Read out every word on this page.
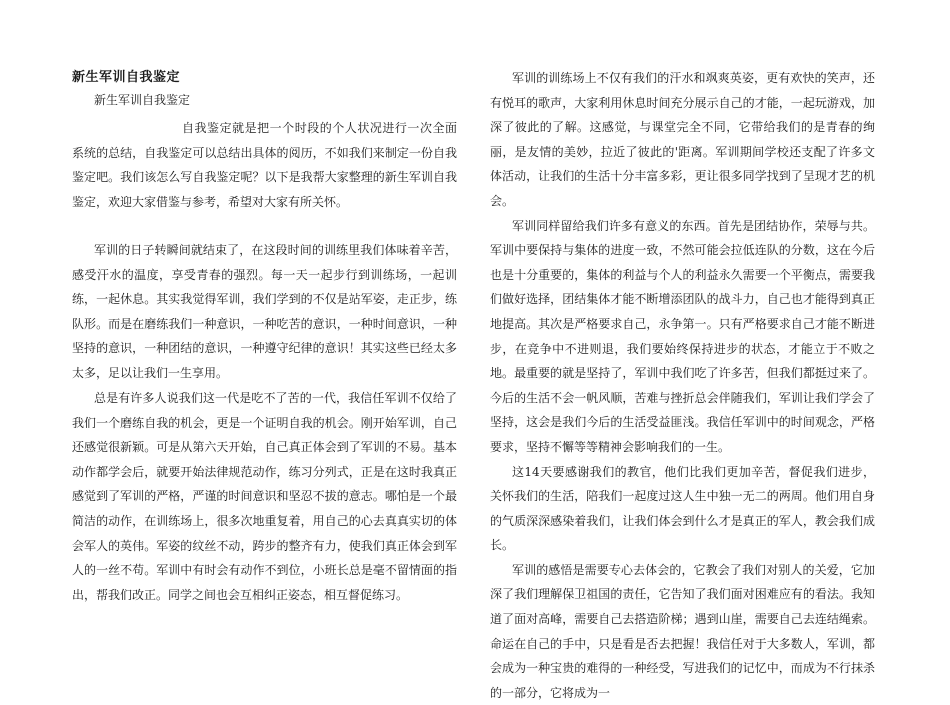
新生军训自我鉴定
新生军训自我鉴定

自我鉴定就是把一个时段的个人状况进行一次全面系统的总结，自我鉴定可以总结出具体的阅历，不如我们来制定一份自我鉴定吧。我们该怎么写自我鉴定呢？以下是我帮大家整理的新生军训自我鉴定，欢迎大家借鉴与参考，希望对大家有所关怀。

军训的日子转瞬间就结束了，在这段时间的训练里我们体味着辛苦，感受汗水的温度，享受青春的强烈。每一天一起步行到训练场，一起训练，一起休息。其实我觉得军训，我们学到的不仅是站军姿，走正步，练队形。而是在磨练我们一种意识，一种吃苦的意识，一种时间意识，一种坚持的意识，一种团结的意识，一种遵守纪律的意识！其实这些已经太多太多，足以让我们一生享用。

总是有许多人说我们这一代是吃不了苦的一代，我信任军训不仅给了我们一个磨练自我的机会，更是一个证明自我的机会。刚开始军训，自己还感觉很新颖。可是从第六天开始，自己真正体会到了军训的不易。基本动作都学会后，就要开始法律规范动作，练习分列式，正是在这时我真正感觉到了军训的严格，严谨的时间意识和坚忍不拔的意志。哪怕是一个最简洁的动作，在训练场上，很多次地重复着，用自己的心去真真实切的体会军人的英伟。军姿的纹丝不动，跨步的整齐有力，使我们真正体会到军人的一丝不苟。军训中有时会有动作不到位，小班长总是毫不留情面的指出，帮我们改正。同学之间也会互相纠正姿态，相互督促练习。

军训的训练场上不仅有我们的汗水和飒爽英姿，更有欢快的笑声，还有悦耳的歌声，大家利用休息时间充分展示自己的才能，一起玩游戏，加深了彼此的了解。这感觉，与课堂完全不同，它带给我们的是青春的绚丽，是友情的美妙，拉近了彼此的'距离。军训期间学校还支配了许多文体活动，让我们的生活十分丰富多彩，更让很多同学找到了呈现才艺的机会。

军训同样留给我们许多有意义的东西。首先是团结协作，荣辱与共。军训中要保持与集体的进度一致，不然可能会拉低连队的分数，这在今后也是十分重要的，集体的利益与个人的利益永久需要一个平衡点，需要我们做好选择，团结集体才能不断增添团队的战斗力，自己也才能得到真正地提高。其次是严格要求自己，永争第一。只有严格要求自己才能不断进步，在竞争中不进则退，我们要始终保持进步的状态，才能立于不败之地。最重要的就是坚持了，军训中我们吃了许多苦，但我们都挺过来了。今后的生活不会一帆风顺，苦难与挫折总会伴随我们，军训让我们学会了坚持，这会是我们今后的生活受益匪浅。我信任军训中的时间观念，严格要求，坚持不懈等等精神会影响我们的一生。

这14天要感谢我们的教官，他们比我们更加辛苦，督促我们进步，关怀我们的生活，陪我们一起度过这人生中独一无二的两周。他们用自身的气质深深感染着我们，让我们体会到什么才是真正的军人，教会我们成长。

军训的感悟是需要专心去体会的，它教会了我们对别人的关爱，它加深了我们理解保卫祖国的责任，它告知了我们面对困难应有的看法。我知道了面对高峰，需要自己去搭造阶梯；遇到山崖，需要自己去连结绳索。命运在自己的手中，只是看是否去把握！我信任对于大多数人，军训，都会成为一种宝贵的难得的一种经受，写进我们的记忆中，而成为不行抹杀的一部分，它将成为一
